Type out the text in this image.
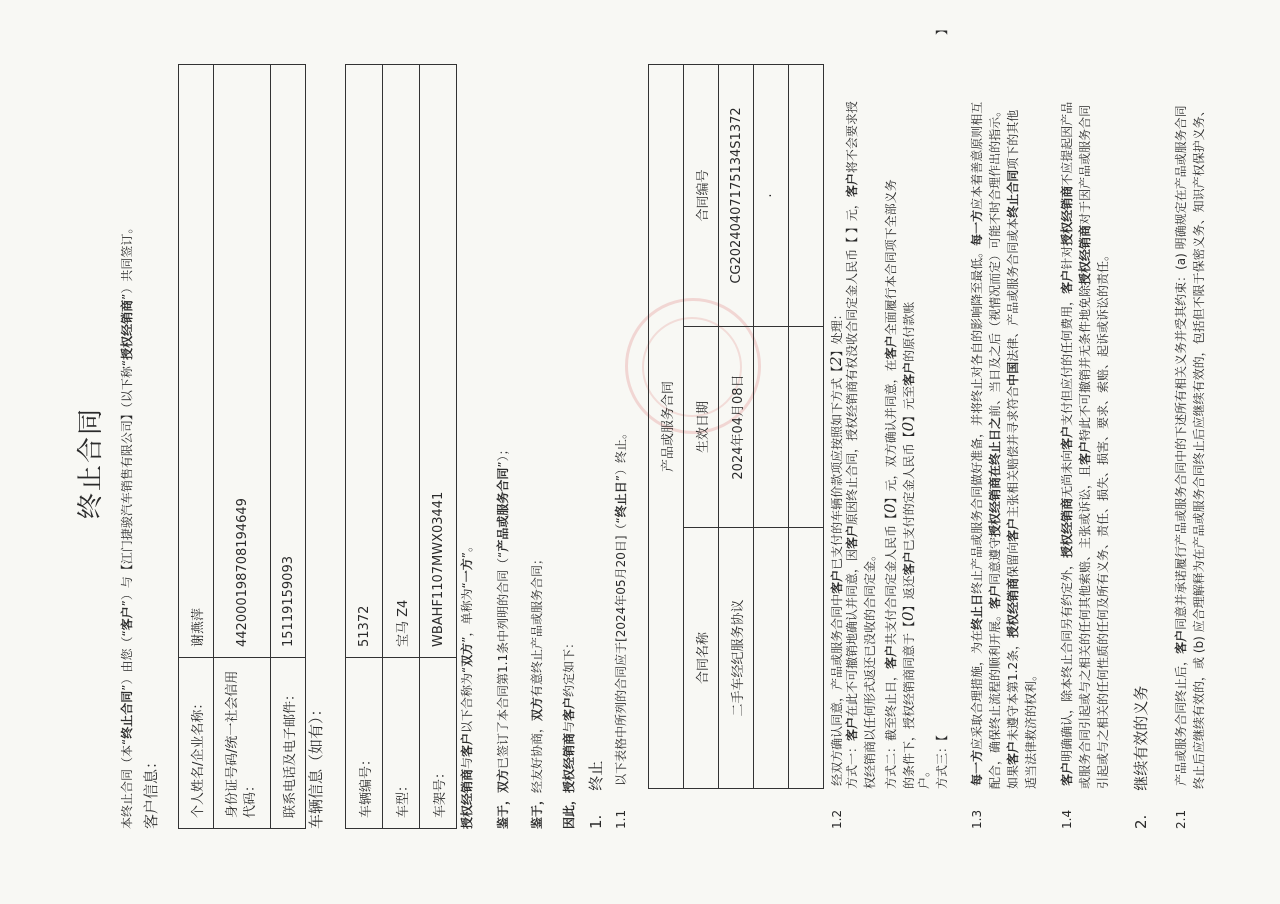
终止合同
本终止合同（本“终止合同”）由您（“客户”）与【江门捷骏汽车销售有限公司】（以下称“授权经销商”）共同签订。
客户信息： 个人姓名/企业名称：	谢燕萍
身份证号码/统一社会信用代码：	442000198708194649
联系电话及电子邮件：	15119159093
车辆信息（如有）：	车辆编号：	51372
车型：	宝马 Z4
车架号：	WBAHF1107MWX03441
授权经销商与客户以下合称为“双方”，单称为“一方”。
鉴于，双方已签订了本合同第1.1条中列明的合同（“产品或服务合同”）；
鉴于，经友好协商，双方有意终止产品或服务合同；
因此，授权经销商与客户约定如下：
1.终止
1.1以下表格中所列的合同应于[2024年05月20日]（“终止日”）终止。	产品或服务合同		
合同名称	生效日期	合同编号
二手车经纪服务协议	2024年04月08日	CG20240407175134S1372
		·

1.2经双方确认同意，产品或服务合同中客户已支付的车辆价款项应按照如下方式【2】处理：
方式一：客户在此不可撤销地确认并同意，因客户原因终止合同，授权经销商有权没收合同定金人民币【 】元，客户将不会要求授
权经销商以任何形式返还已没收的合同定金。 方式二：截至终止日，客户共支付合同定金人民币【0】元，双方确认并同意，在客户全面履行本合同项下全部义务
的条件下，授权经销商同意于【0】返还客户已支付的定金人民币【0】元至客户的原付款账
户。 方式三：【】
1.3每一方应采取合理措施，为在终止日终止产品或服务合同做好准备，并将终止对各自的影响降至最低。每一方应本着善意原则相互
配合，确保终止流程的顺利开展。客户同意遵守授权经销商在终止日之前、当日及之后（视情况而定）可能不时合理作出的指示。
如果客户未遵守本第1.2条，授权经销商保留向客户主张相关赔偿并寻求符合中国法律、产品或服务合同或本终止合同项下的其他
适当法律救济的权利。
1.4客户明确确认，除本终止合同另有约定外，授权经销商无尚未向客户支付但应付的任何费用，客户针对授权经销商不应提起因产品
或服务合同引起或与之相关的任何其他索赔、主张或诉讼，且客户特此不可撤销并无条件地免除授权经销商对于因产品或服务合同
引起或与之相关的任何性质的任何及所有义务、责任、损失、损害、要求、索赔、起诉或诉讼的责任。
2.继续有效的义务
2.1产品或服务合同终止后，客户同意并承诺履行产品或服务合同中的下述所有相关义务并受其约束：(a) 明确规定在产品或服务合同 终止后应继续有效的，或 (b) 应合理解释为在产品或服务合同终止后应继续有效的，包括但不限于保密义务、知识产权保护义务、
